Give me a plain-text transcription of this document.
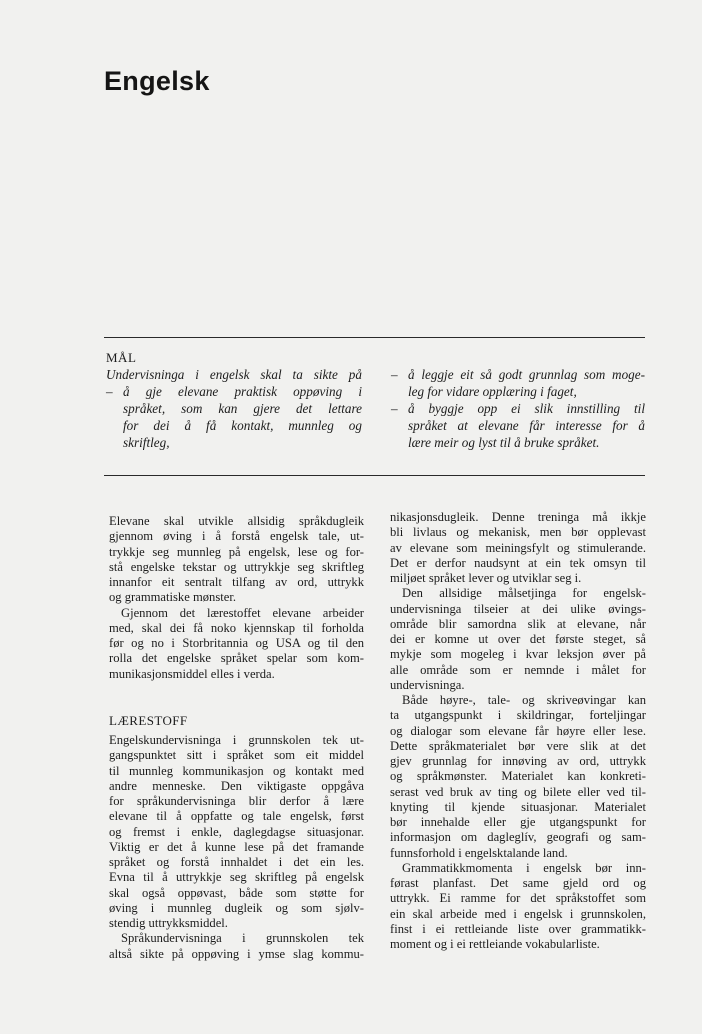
Engelsk
MÅL
Undervisninga i engelsk skal ta sikte på
– å gje elevane praktisk oppøving i
språket, som kan gjere det lettare
for dei å få kontakt, munnleg og
skriftleg,
– å leggje eit så godt grunnlag som moge-
leg for vidare opplæring i faget,
– å byggje opp ei slik innstilling til
språket at elevane får interesse for å
lære meir og lyst til å bruke språket.

Elevane skal utvikle allsidig språkdugleik
gjennom øving i å forstå engelsk tale, ut-
trykkje seg munnleg på engelsk, lese og for-
stå engelske tekstar og uttrykkje seg skriftleg
innanfor eit sentralt tilfang av ord, uttrykk
og grammatiske mønster.

Gjennom det lærestoffet elevane arbeider
med, skal dei få noko kjennskap til forholda
før og no i Storbritannia og USA og til den
rolla det engelske språket spelar som kom-
munikasjonsmiddel elles i verda.

LÆRESTOFF

Engelskundervisninga i grunnskolen tek ut-
gangspunktet sitt i språket som eit middel
til munnleg kommunikasjon og kontakt med
andre menneske. Den viktigaste oppgåva
for språkundervisninga blir derfor å lære
elevane til å oppfatte og tale engelsk, først
og fremst i enkle, daglegdagse situasjonar.
Viktig er det å kunne lese på det framande
språket og forstå innhaldet i det ein les.
Evna til å uttrykkje seg skriftleg på engelsk
skal også oppøvast, både som støtte for
øving i munnleg dugleik og som sjølv-
stendig uttrykksmiddel.

Språkundervisninga i grunnskolen tek
altså sikte på oppøving i ymse slag kommu-

nikasjonsdugleik. Denne treninga må ikkje
bli livlaus og mekanisk, men bør opplevast
av elevane som meiningsfylt og stimulerande.
Det er derfor naudsynt at ein tek omsyn til
miljøet språket lever og utviklar seg i.

Den allsidige målsetjinga for engelsk-
undervisninga tilseier at dei ulike øvings-
område blir samordna slik at elevane, når
dei er komne ut over det første steget, så
mykje som mogeleg i kvar leksjon øver på
alle område som er nemnde i målet for
undervisninga.

Både høyre-, tale- og skriveøvingar kan
ta utgangspunkt i skildringar, forteljingar
og dialogar som elevane får høyre eller lese.
Dette språkmaterialet bør vere slik at det
gjev grunnlag for innøving av ord, uttrykk
og språkmønster. Materialet kan konkreti-
serast ved bruk av ting og bilete eller ved til-
knyting til kjende situasjonar. Materialet
bør innehalde eller gje utgangspunkt for
informasjon om dagleglív, geografi og sam-
funnsforhold i engelsktalande land.

Grammatikkmomenta i engelsk bør inn-
førast planfast. Det same gjeld ord og
uttrykk. Ei ramme for det språkstoffet som
ein skal arbeide med i engelsk i grunnskolen,
finst i ei rettleiande liste over grammatikk-
moment og i ei rettleiande vokabularliste.
